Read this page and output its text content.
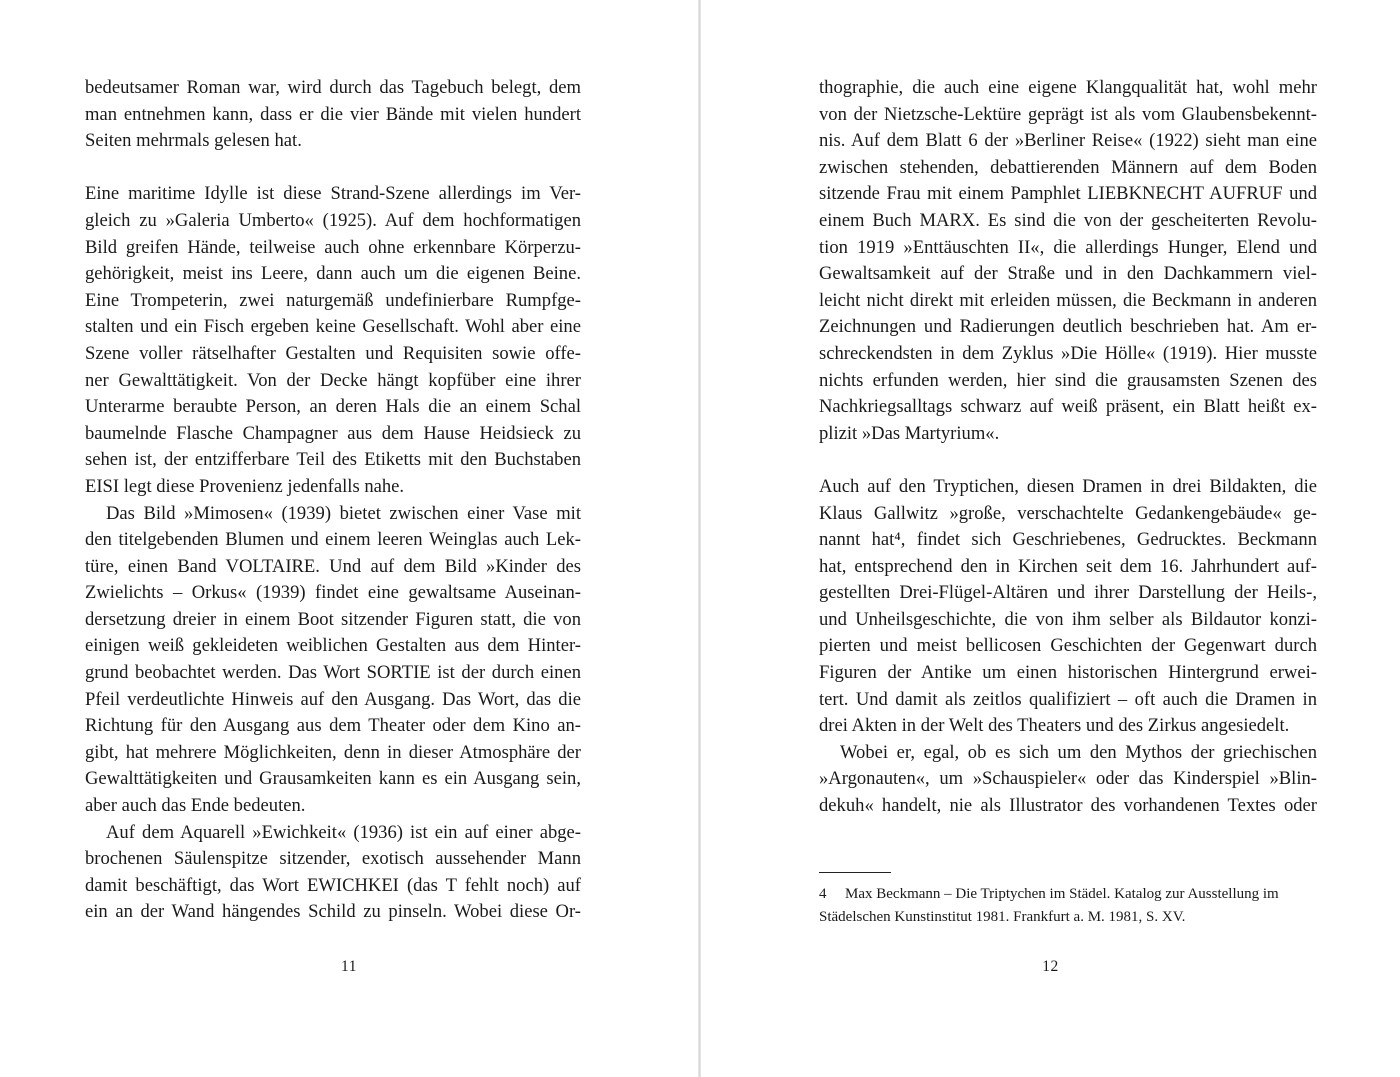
bedeutsamer Roman war, wird durch das Tagebuch belegt, dem
man entnehmen kann, dass er die vier Bände mit vielen hundert
Seiten mehrmals gelesen hat.
Eine maritime Idylle ist diese Strand-Szene allerdings im Ver-
gleich zu »Galeria Umberto« (1925). Auf dem hochformatigen
Bild greifen Hände, teilweise auch ohne erkennbare Körperzu-
gehörigkeit, meist ins Leere, dann auch um die eigenen Beine.
Eine Trompeterin, zwei naturgemäß undefinierbare Rumpfge-
stalten und ein Fisch ergeben keine Gesellschaft. Wohl aber eine
Szene voller rätselhafter Gestalten und Requisiten sowie offe-
ner Gewalttätigkeit. Von der Decke hängt kopfüber eine ihrer
Unterarme beraubte Person, an deren Hals die an einem Schal
baumelnde Flasche Champagner aus dem Hause Heidsieck zu
sehen ist, der entzifferbare Teil des Etiketts mit den Buchstaben
EISI legt diese Provenienz jedenfalls nahe.
Das Bild »Mimosen« (1939) bietet zwischen einer Vase mit
den titelgebenden Blumen und einem leeren Weinglas auch Lek-
türe, einen Band VOLTAIRE. Und auf dem Bild »Kinder des
Zwielichts – Orkus« (1939) findet eine gewaltsame Auseinan-
dersetzung dreier in einem Boot sitzender Figuren statt, die von
einigen weiß gekleideten weiblichen Gestalten aus dem Hinter-
grund beobachtet werden. Das Wort SORTIE ist der durch einen
Pfeil verdeutlichte Hinweis auf den Ausgang. Das Wort, das die
Richtung für den Ausgang aus dem Theater oder dem Kino an-
gibt, hat mehrere Möglichkeiten, denn in dieser Atmosphäre der
Gewalttätigkeiten und Grausamkeiten kann es ein Ausgang sein,
aber auch das Ende bedeuten.
Auf dem Aquarell »Ewichkeit« (1936) ist ein auf einer abge-
brochenen Säulenspitze sitzender, exotisch aussehender Mann
damit beschäftigt, das Wort EWICHKEI (das T fehlt noch) auf
ein an der Wand hängendes Schild zu pinseln. Wobei diese Or-
11
thographie, die auch eine eigene Klangqualität hat, wohl mehr
von der Nietzsche-Lektüre geprägt ist als vom Glaubensbekennt-
nis. Auf dem Blatt 6 der »Berliner Reise« (1922) sieht man eine
zwischen stehenden, debattierenden Männern auf dem Boden
sitzende Frau mit einem Pamphlet LIEBKNECHT AUFRUF und
einem Buch MARX. Es sind die von der gescheiterten Revolu-
tion 1919 »Enttäuschten II«, die allerdings Hunger, Elend und
Gewaltsamkeit auf der Straße und in den Dachkammern viel-
leicht nicht direkt mit erleiden müssen, die Beckmann in anderen
Zeichnungen und Radierungen deutlich beschrieben hat. Am er-
schreckendsten in dem Zyklus »Die Hölle« (1919). Hier musste
nichts erfunden werden, hier sind die grausamsten Szenen des
Nachkriegsalltags schwarz auf weiß präsent, ein Blatt heißt ex-
plizit »Das Martyrium«.
Auch auf den Tryptichen, diesen Dramen in drei Bildakten, die
Klaus Gallwitz »große, verschachtelte Gedankengebäude« ge-
nannt hat⁴, findet sich Geschriebenes, Gedrucktes. Beckmann
hat, entsprechend den in Kirchen seit dem 16. Jahrhundert auf-
gestellten Drei-Flügel-Altären und ihrer Darstellung der Heils-,
und Unheilsgeschichte, die von ihm selber als Bildautor konzi-
pierten und meist bellicosen Geschichten der Gegenwart durch
Figuren der Antike um einen historischen Hintergrund erwei-
tert. Und damit als zeitlos qualifiziert – oft auch die Dramen in
drei Akten in der Welt des Theaters und des Zirkus angesiedelt.
Wobei er, egal, ob es sich um den Mythos der griechischen
»Argonauten«, um »Schauspieler« oder das Kinderspiel »Blin-
dekuh« handelt, nie als Illustrator des vorhandenen Textes oder
4 Max Beckmann – Die Triptychen im Städel. Katalog zur Ausstellung im
Städelschen Kunstinstitut 1981. Frankfurt a. M. 1981, S. XV.
12
